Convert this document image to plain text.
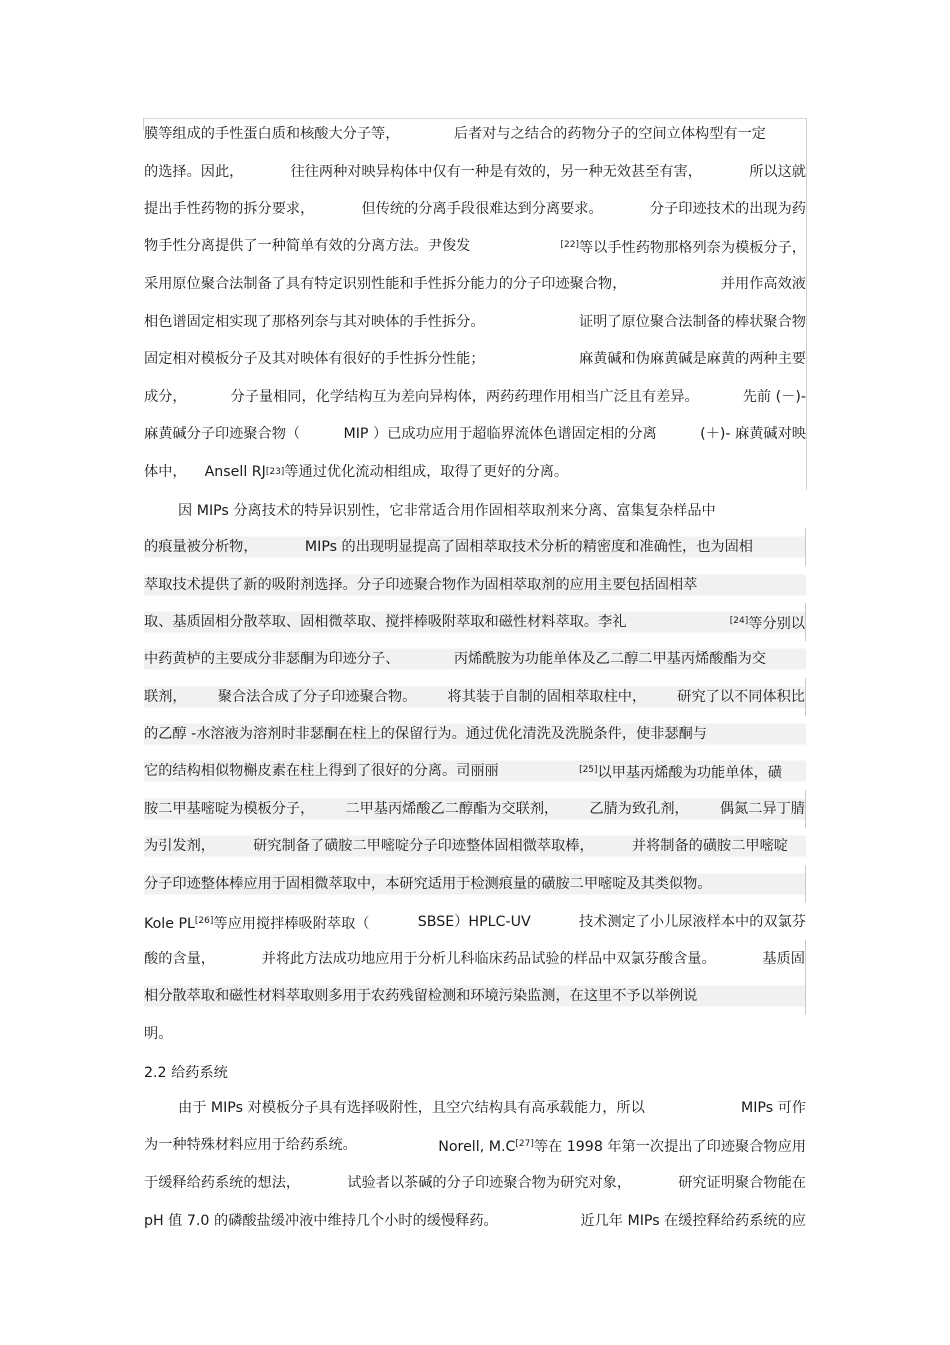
膜等组成的手性蛋白质和核酸大分子等，	后者对与之结合的药物分子的空间立体构型有一定
的选择。因此，	往往两种对映异构体中仅有一种是有效的，另一种无效甚至有害，	所以这就
提出手性药物的拆分要求，	但传统的分离手段很难达到分离要求。	分子印迹技术的出现为药
物手性分离提供了一种简单有效的分离方法。尹俊发	[22]等以手性药物那格列奈为模板分子，
采用原位聚合法制备了具有特定识别性能和手性拆分能力的分子印迹聚合物，	并用作高效液
相色谱固定相实现了那格列奈与其对映体的手性拆分。	证明了原位聚合法制备的棒状聚合物
固定相对模板分子及其对映体有很好的手性拆分性能；	麻黄碱和伪麻黄碱是麻黄的两种主要
成分，	分子量相同，化学结构互为差向异构体，两药药理作用相当广泛且有差异。	先前 (－)-
麻黄碱分子印迹聚合物（	MIP ）已成功应用于超临界流体色谱固定相的分离	(＋)- 麻黄碱对映
体中， Ansell RJ [23] 等通过优化流动相组成，取得了更好的分离。
因 MIPs 分离技术的特异识别性，它非常适合用作固相萃取剂来分离、富集复杂样品中
的痕量被分析物，	MIPs 的出现明显提高了固相萃取技术分析的精密度和准确性，也为固相
萃取技术提供了新的吸附剂选择。分子印迹聚合物作为固相萃取剂的应用主要包括固相萃
取、基质固相分散萃取、固相微萃取、搅拌棒吸附萃取和磁性材料萃取。李礼	[24]等分别以
中药黄栌的主要成分非瑟酮为印迹分子、	丙烯酰胺为功能单体及乙二醇二甲基丙烯酸酯为交
联剂， 聚合法合成了分子印迹聚合物。 将其装于自制的固相萃取柱中， 研究了以不同体积比
的乙醇 -水溶液为溶剂时非瑟酮在柱上的保留行为。通过优化清洗及洗脱条件，使非瑟酮与
它的结构相似物槲皮素在柱上得到了很好的分离。司丽丽	[25]以甲基丙烯酸为功能单体，磺
胺二甲基嘧啶为模板分子， 二甲基丙烯酸乙二醇酯为交联剂， 乙腈为致孔剂， 偶氮二异丁腈
为引发剂，	研究制备了磺胺二甲嘧啶分子印迹整体固相微萃取棒，	并将制备的磺胺二甲嘧啶
分子印迹整体棒应用于固相微萃取中，本研究适用于检测痕量的磺胺二甲嘧啶及其类似物。
Kole PL[26]等应用搅拌棒吸附萃取（	SBSE）HPLC-UV	技术测定了小儿尿液样本中的双氯芬
酸的含量，	并将此方法成功地应用于分析儿科临床药品试验的样品中双氯芬酸含量。	基质固
相分散萃取和磁性材料萃取则多用于农药残留检测和环境污染监测，在这里不予以举例说
明。
2.2 给药系统
由于 MIPs 对模板分子具有选择吸附性，且空穴结构具有高承载能力，所以	MIPs 可作
为一种特殊材料应用于给药系统。	Norell, M.C[27]等在 1998 年第一次提出了印迹聚合物应用
于缓释给药系统的想法，	试验者以茶碱的分子印迹聚合物为研究对象，	研究证明聚合物能在
pH 值 7.0 的磷酸盐缓冲液中维持几个小时的缓慢释药。	近几年 MIPs 在缓控释给药系统的应
